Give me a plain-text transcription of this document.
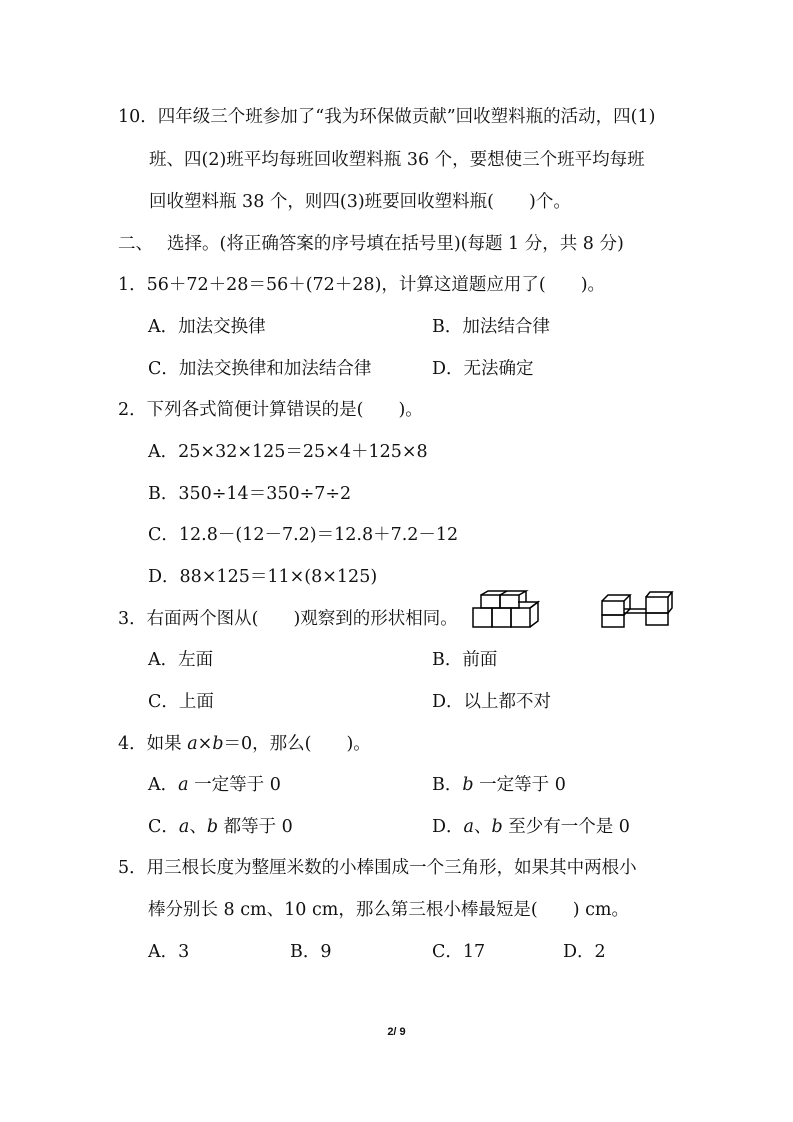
10．四年级三个班参加了“我为环保做贡献”回收塑料瓶的活动，四(1)
班、四(2)班平均每班回收塑料瓶 36 个，要想使三个班平均每班
回收塑料瓶 38 个，则四(3)班要回收塑料瓶(　　)个。
二、 选择。(将正确答案的序号填在括号里)(每题 1 分，共 8 分)
1．56＋72＋28＝56＋(72＋28)，计算这道题应用了(　　)。
A．加法交换律	B．加法结合律
C．加法交换律和加法结合律	D．无法确定
2．下列各式简便计算错误的是(　　)。
A．25×32×125＝25×4＋125×8
B．350÷14＝350÷7÷2
C．12.8－(12－7.2)＝12.8＋7.2－12
D．88×125＝11×(8×125)
3．右面两个图从(　　)观察到的形状相同。
A．左面	B．前面
C．上面	D．以上都不对
4．如果 a×b＝0，那么(　　)。
A．a 一定等于 0	B．b 一定等于 0
C．a、b 都等于 0	D．a、b 至少有一个是 0
5．用三根长度为整厘米数的小棒围成一个三角形，如果其中两根小
棒分别长 8 cm、10 cm，那么第三根小棒最短是(　　) cm。
A．3	B．9	C．17	D．2
2/ 9
